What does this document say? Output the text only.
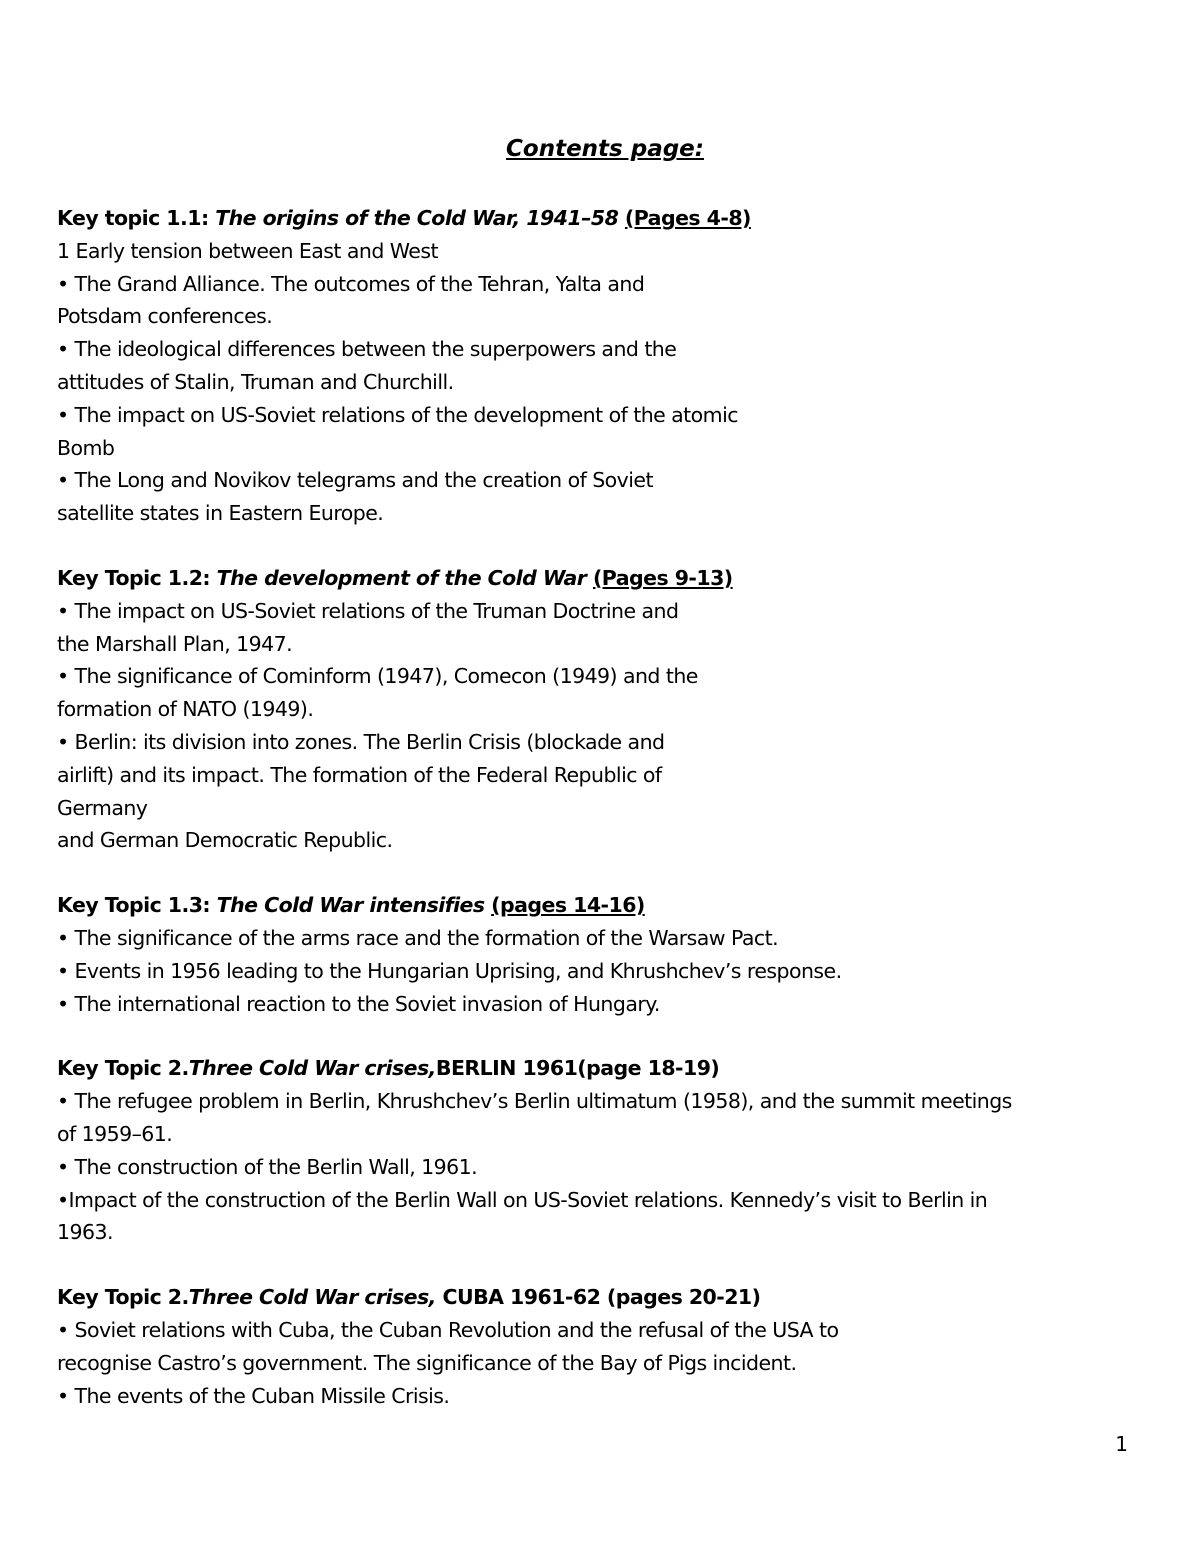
Contents page:
Key topic 1.1: The origins of the Cold War, 1941–58 (Pages 4-8)
1 Early tension between East and West
• The Grand Alliance. The outcomes of the Tehran, Yalta and
Potsdam conferences.
• The ideological differences between the superpowers and the
attitudes of Stalin, Truman and Churchill.
• The impact on US-Soviet relations of the development of the atomic
Bomb
• The Long and Novikov telegrams and the creation of Soviet
satellite states in Eastern Europe.
Key Topic 1.2: The development of the Cold War (Pages 9-13)
• The impact on US-Soviet relations of the Truman Doctrine and
the Marshall Plan, 1947.
• The significance of Cominform (1947), Comecon (1949) and the
formation of NATO (1949).
• Berlin: its division into zones. The Berlin Crisis (blockade and
airlift) and its impact. The formation of the Federal Republic of
Germany
and German Democratic Republic.
Key Topic 1.3: The Cold War intensifies (pages 14-16)
• The significance of the arms race and the formation of the Warsaw Pact.
• Events in 1956 leading to the Hungarian Uprising, and Khrushchev’s response.
• The international reaction to the Soviet invasion of Hungary.
Key Topic 2.Three Cold War crises,BERLIN 1961(page 18-19)
• The refugee problem in Berlin, Khrushchev’s Berlin ultimatum (1958), and the summit meetings
of 1959–61.
• The construction of the Berlin Wall, 1961.
•Impact of the construction of the Berlin Wall on US-Soviet relations. Kennedy’s visit to Berlin in
1963.
Key Topic 2.Three Cold War crises, CUBA 1961-62 (pages 20-21)
• Soviet relations with Cuba, the Cuban Revolution and the refusal of the USA to
recognise Castro’s government. The significance of the Bay of Pigs incident.
• The events of the Cuban Missile Crisis.
1
